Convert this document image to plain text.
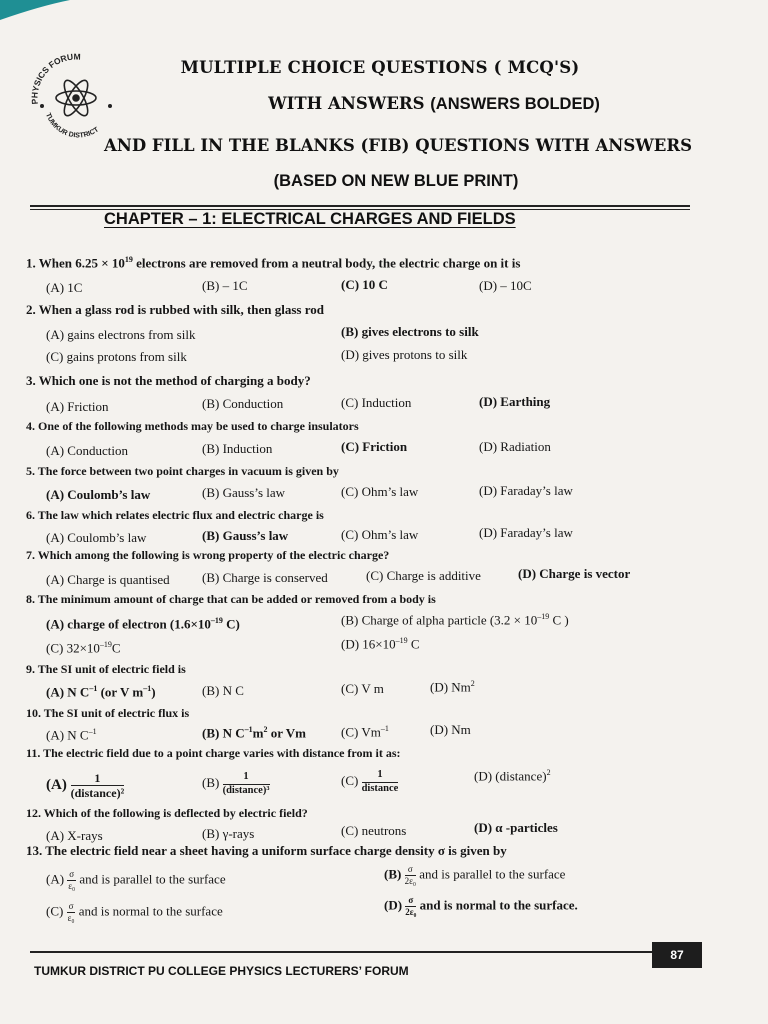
PHYSICS FORUM
TUMKUR DISTRICT
MULTIPLE CHOICE QUESTIONS ( MCQ'S)
WITH ANSWERS (ANSWERS BOLDED)
AND FILL IN THE BLANKS (FIB) QUESTIONS WITH ANSWERS
(BASED ON NEW BLUE PRINT)
CHAPTER – 1: ELECTRICAL CHARGES AND FIELDS
1. When $6.25 \times 10^{19}$ electrons are removed from a neutral body, the electric charge on it is
(A) 1C	(B) – 1C	(C) 10 C	(D) – 10C
2. When a glass rod is rubbed with silk, then glass rod
(A) gains electrons from silk	(B) gives electrons to silk
(C) gains protons from silk	(D) gives protons to silk
3. Which one is not the method of charging a body?
(A) Friction	(B) Conduction	(C) Induction	(D) Earthing
4. One of the following methods may be used to charge insulators
(A) Conduction	(B) Induction	(C) Friction	(D) Radiation
5. The force between two point charges in vacuum is given by
(A) Coulomb’s law	(B) Gauss’s law	(C) Ohm’s law	(D) Faraday’s law
6. The law which relates electric flux and electric charge is
(A) Coulomb’s law	(B) Gauss’s law	(C) Ohm’s law	(D) Faraday’s law
7. Which among the following is wrong property of the electric charge?
(A) Charge is quantised (B) Charge is conserved	(C) Charge is additive	(D) Charge is vector
8. The minimum amount of charge that can be added or removed from a body is
(A) charge of electron ($1.6\times 10^{-19}$ C)	(B) Charge of alpha particle ($3.2 \times 10^{-19}$ C )
(C) $32\times 10^{-19}C$	(D) $16\times 10^{-19}$ C
9. The SI unit of electric field is
(A) N $C^{-1}$ (or V $m^{-1}$)	(B) N C	(C) V m	(D) Nm$^2$
10. The SI unit of electric flux is
(A) N $C^{-1}$	(B) N $C^{-1}m^2$ or Vm	(C) $Vm^{-1}$	(D) Nm
11. The electric field due to a point charge varies with distance from it as:
$(A) \frac{1}{\text{(distance)²}}$	$(B) \frac{1}{\text{(distance)³}}$	$(C) \frac{1}{\text{distance}}$	(D) (distance)$^2$
12. Which of the following is deflected by electric field?
(A) X-rays	(B) γ-rays	(C) neutrons	(D) α -particles
13. The electric field near a sheet having a uniform surface charge density σ is given by
$(A) \frac{\sigma}{\text{ε₀}}$ and is parallel to the surface	$(B) \frac{\sigma}{\text{2ε₀}}$ and is parallel to the surface
$(C) \frac{\sigma}{\text{ε₀}}$ and is normal to the surface	$(D) \frac{\sigma}{\text{2ε₀}}$ and is normal to the surface.
TUMKUR DISTRICT PU COLLEGE PHYSICS LECTURERS’ FORUM
87
